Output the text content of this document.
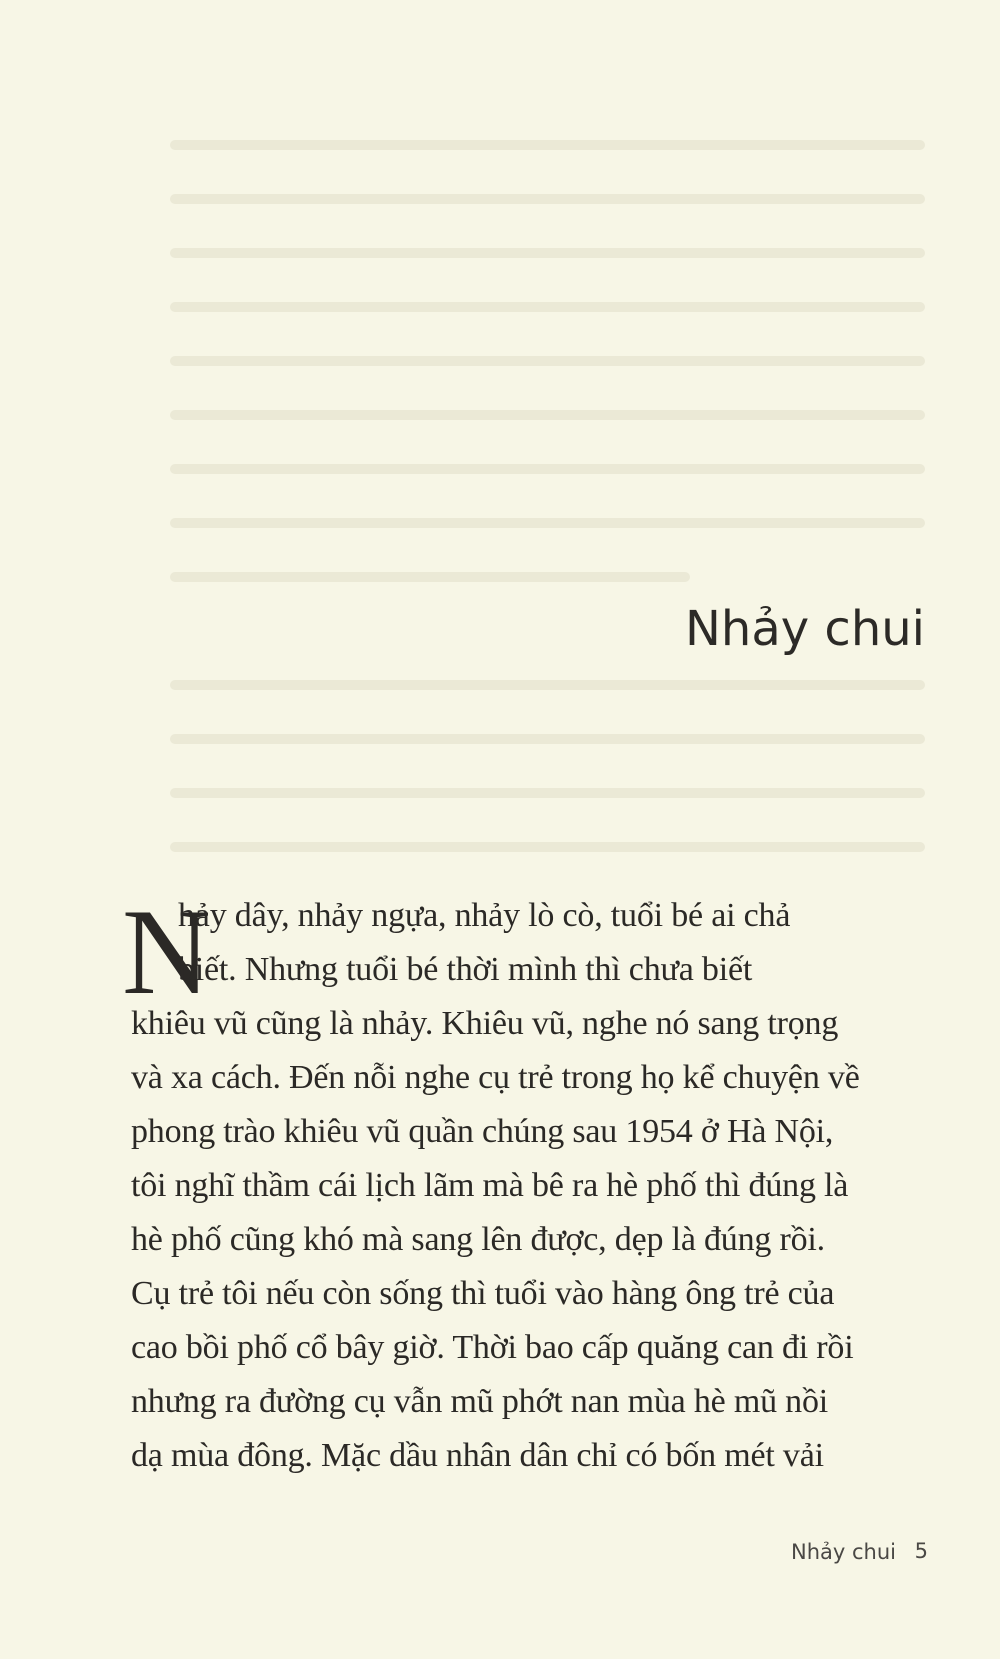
Nhảy chui
N
hảy dây, nhảy ngựa, nhảy lò cò, tuổi bé ai chả
biết. Nhưng tuổi bé thời mình thì chưa biết
khiêu vũ cũng là nhảy. Khiêu vũ, nghe nó sang trọng
và xa cách. Đến nỗi nghe cụ trẻ trong họ kể chuyện về
phong trào khiêu vũ quần chúng sau 1954 ở Hà Nội,
tôi nghĩ thầm cái lịch lãm mà bê ra hè phố thì đúng là
hè phố cũng khó mà sang lên được, dẹp là đúng rồi.
Cụ trẻ tôi nếu còn sống thì tuổi vào hàng ông trẻ của
cao bồi phố cổ bây giờ. Thời bao cấp quăng can đi rồi
nhưng ra đường cụ vẫn mũ phớt nan mùa hè mũ nồi
dạ mùa đông. Mặc dầu nhân dân chỉ có bốn mét vải
Nhảy chui 5
